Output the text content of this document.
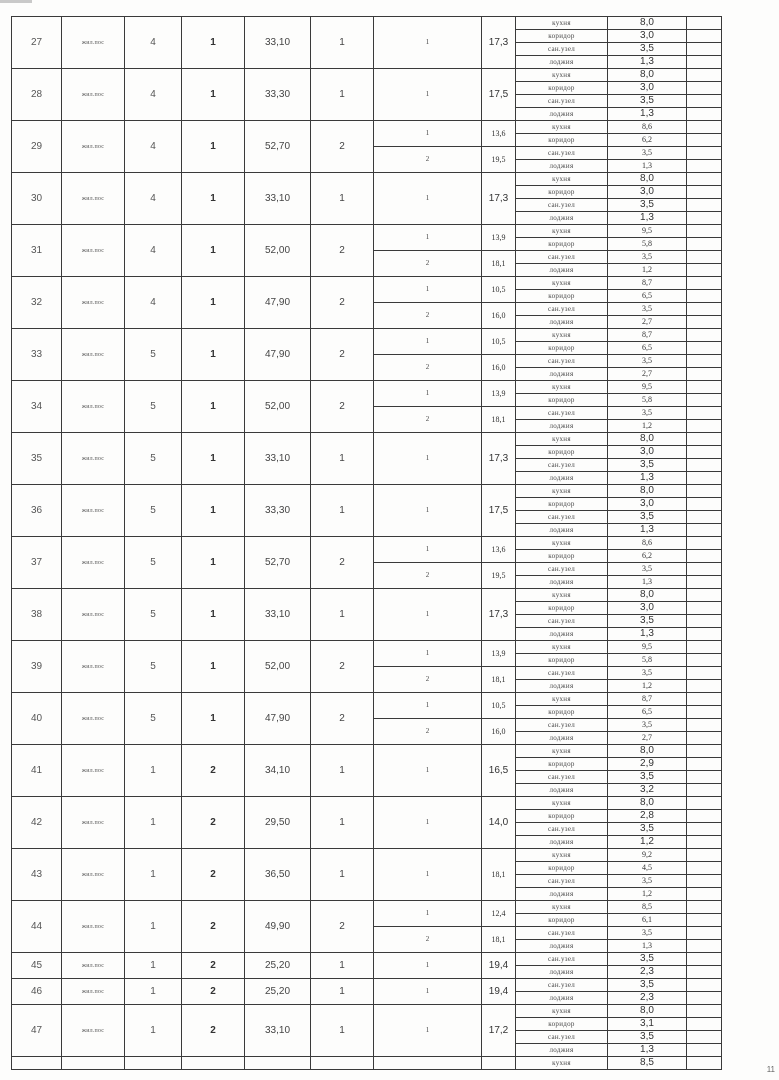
27	жил.пос	4	1	33,10	1	1	17,3	кухня	8,0	
								коридор	3,0	
								сан.узел	3,5	
								лоджия	1,3	
28	жил.пос	4	1	33,30	1	1	17,5	кухня	8,0	
								коридор	3,0	
								сан.узел	3,5	
								лоджия	1,3	
29	жил.пос	4	1	52,70	2	1	13,6	кухня	8,6	
								коридор	6,2	
						2	19,5	сан.узел	3,5	
								лоджия	1,3	
30	жил.пос	4	1	33,10	1	1	17,3	кухня	8,0	
								коридор	3,0	
								сан.узел	3,5	
								лоджия	1,3	
31	жил.пос	4	1	52,00	2	1	13,9	кухня	9,5	
								коридор	5,8	
						2	18,1	сан.узел	3,5	
								лоджия	1,2	
32	жил.пос	4	1	47,90	2	1	10,5	кухня	8,7	
								коридор	6,5	
						2	16,0	сан.узел	3,5	
								лоджия	2,7	
33	жил.пос	5	1	47,90	2	1	10,5	кухня	8,7	
								коридор	6,5	
						2	16,0	сан.узел	3,5	
								лоджия	2,7	
34	жил.пос	5	1	52,00	2	1	13,9	кухня	9,5	
								коридор	5,8	
						2	18,1	сан.узел	3,5	
								лоджия	1,2	
35	жил.пос	5	1	33,10	1	1	17,3	кухня	8,0	
								коридор	3,0	
								сан.узел	3,5	
								лоджия	1,3	
36	жил.пос	5	1	33,30	1	1	17,5	кухня	8,0	
								коридор	3,0	
								сан.узел	3,5	
								лоджия	1,3	
37	жил.пос	5	1	52,70	2	1	13,6	кухня	8,6	
								коридор	6,2	
						2	19,5	сан.узел	3,5	
								лоджия	1,3	
38	жил.пос	5	1	33,10	1	1	17,3	кухня	8,0	
								коридор	3,0	
								сан.узел	3,5	
								лоджия	1,3	
39	жил.пос	5	1	52,00	2	1	13,9	кухня	9,5	
								коридор	5,8	
						2	18,1	сан.узел	3,5	
								лоджия	1,2	
40	жил.пос	5	1	47,90	2	1	10,5	кухня	8,7	
								коридор	6,5	
						2	16,0	сан.узел	3,5	
								лоджия	2,7	
41	жил.пос	1	2	34,10	1	1	16,5	кухня	8,0	
								коридор	2,9	
								сан.узел	3,5	
								лоджия	3,2	
42	жил.пос	1	2	29,50	1	1	14,0	кухня	8,0	
								коридор	2,8	
								сан.узел	3,5	
								лоджия	1,2	
43	жил.пос	1	2	36,50	1	1	18,1	кухня	9,2	
								коридор	4,5	
								сан.узел	3,5	
								лоджия	1,2	
44	жил.пос	1	2	49,90	2	1	12,4	кухня	8,5	
								коридор	6,1	
						2	18,1	сан.узел	3,5	
								лоджия	1,3	
45	жил.пос	1	2	25,20	1	1	19,4	сан.узел	3,5	
								лоджия	2,3	
46	жил.пос	1	2	25,20	1	1	19,4	сан.узел	3,5	
								лоджия	2,3	
47	жил.пос	1	2	33,10	1	1	17,2	кухня	8,0	
								коридор	3,1	
								сан.узел	3,5	
								лоджия	1,3	
								кухня	8,5	
11
